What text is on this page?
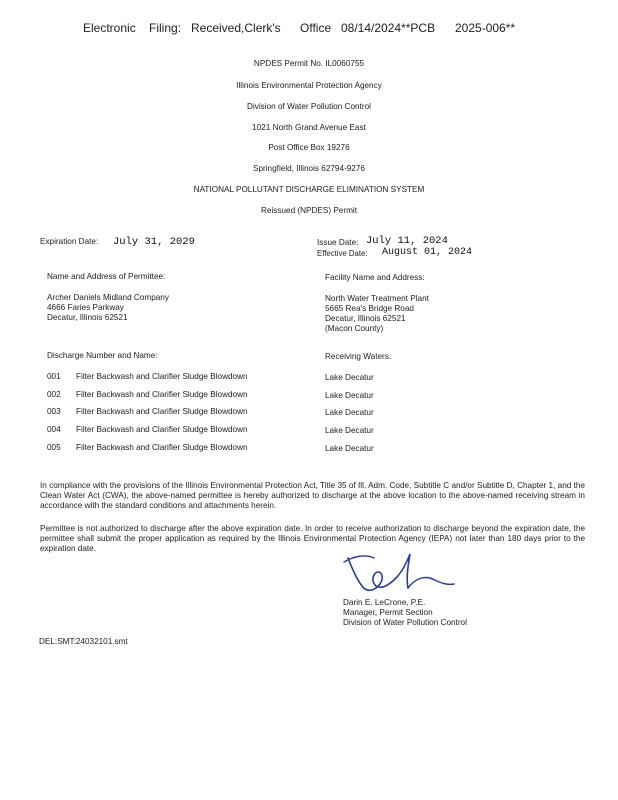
Electronic Filing: Received,Clerk's Office 08/14/2024**PCB 2025-006**
NPDES Permit No. IL0060755
Illinois Environmental Protection Agency
Division of Water Pollution Control
1021 North Grand Avenue East
Post Office Box 19276
Springfield, Illinois 62794-9276
NATIONAL POLLUTANT DISCHARGE ELIMINATION SYSTEM
Reissued (NPDES) Permit
Expiration Date: July 31, 2029	Issue Date: July 11, 2024
Effective Date: August 01, 2024
Name and Address of Permittee:
Archer Daniels Midland Company
4666 Faries Parkway
Decatur, Illinois 62521
Facility Name and Address:
North Water Treatment Plant
5665 Rea's Bridge Road
Decatur, Illinois 62521
(Macon County)
Discharge Number and Name:	Receiving Waters:
001 Filter Backwash and Clarifier Sludge Blowdown	Lake Decatur
002 Filter Backwash and Clarifier Sludge Blowdown	Lake Decatur
003 Filter Backwash and Clarifier Sludge Blowdown	Lake Decatur
004 Filter Backwash and Clarifier Sludge Blowdown	Lake Decatur
005 Filter Backwash and Clarifier Sludge Blowdown	Lake Decatur

In compliance with the provisions of the Illinois Environmental Protection Act, Title 35 of Ill. Adm. Code, Subtitle C and/or Subtitle D, Chapter 1, and the Clean Water Act (CWA), the above-named permittee is hereby authorized to discharge at the above location to the above-named receiving stream in accordance with the standard conditions and attachments herein.

Permittee is not authorized to discharge after the above expiration date. In order to receive authorization to discharge beyond the expiration date, the permittee shall submit the proper application as required by the Illinois Environmental Protection Agency (IEPA) not later than 180 days prior to the expiration date.

Darin E. LeCrone, P.E.
Manager, Permit Section
Division of Water Pollution Control
DEL:SMT:24032101.smt
